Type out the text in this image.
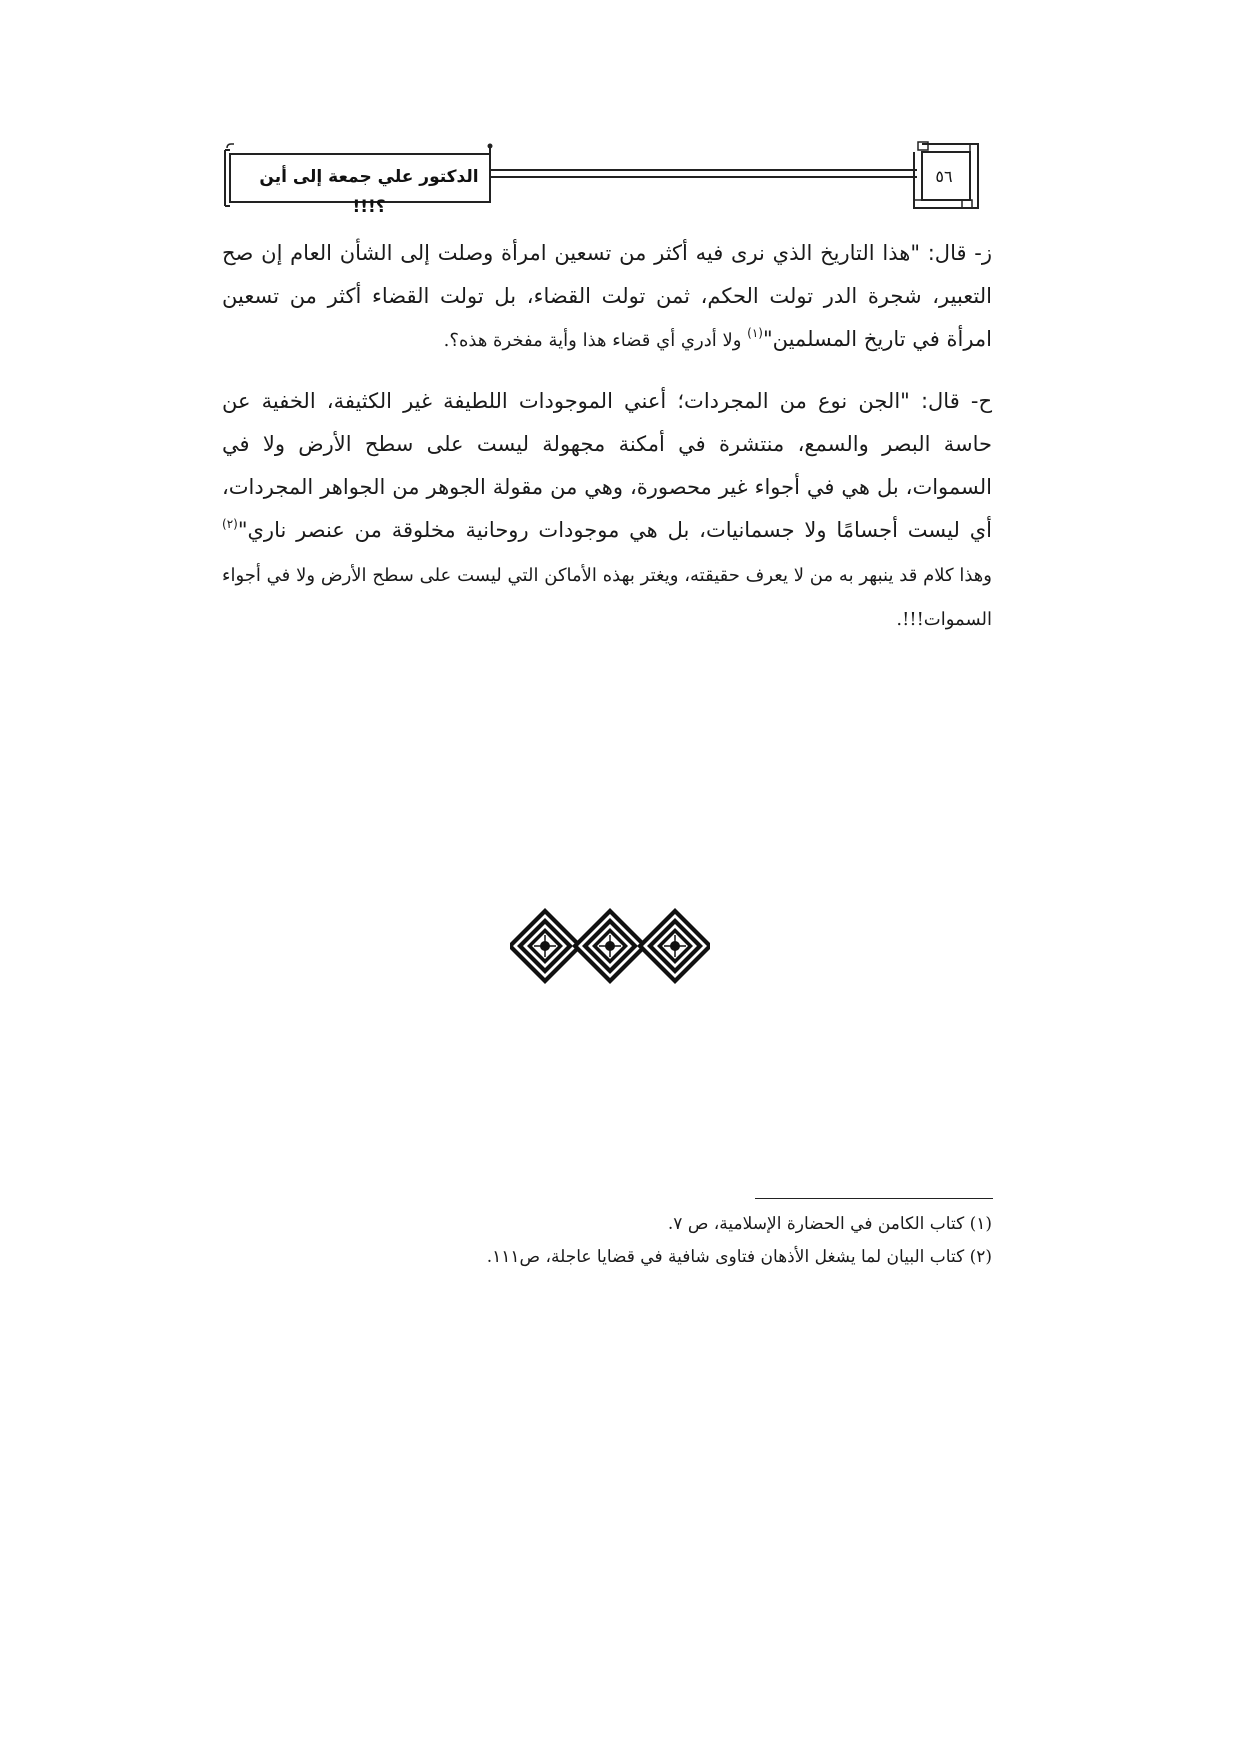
الدكتور علي جمعة إلى أين ؟!!!
٥٦

ز- قال: "هذا التاريخ الذي نرى فيه أكثر من تسعين امرأة وصلت إلى الشأن العام إن صح التعبير، شجرة الدر تولت الحكم، ثمن تولت القضاء، بل تولت القضاء أكثر من تسعين امرأة في تاريخ المسلمين"$^{(١)}$ ولا أدري أي قضاء هذا وأية مفخرة هذه؟.

ح- قال: "الجن نوع من المجردات؛ أعني الموجودات اللطيفة غير الكثيفة، الخفية عن حاسة البصر والسمع، منتشرة في أمكنة مجهولة ليست على سطح الأرض ولا في السموات، بل هي في أجواء غير محصورة، وهي من مقولة الجوهر من الجواهر المجردات، أي ليست أجسامًا ولا جسمانيات، بل هي موجودات روحانية مخلوقة من عنصر ناري"$^{(٢)}$ وهذا كلام قد ينبهر به من لا يعرف حقيقته، ويغتر بهذه الأماكن التي ليست على سطح الأرض ولا في أجواء السموات!!!.

(١) كتاب الكامن في الحضارة الإسلامية، ص ٧.
(٢) كتاب البيان لما يشغل الأذهان فتاوى شافية في قضايا عاجلة، ص١١١.
